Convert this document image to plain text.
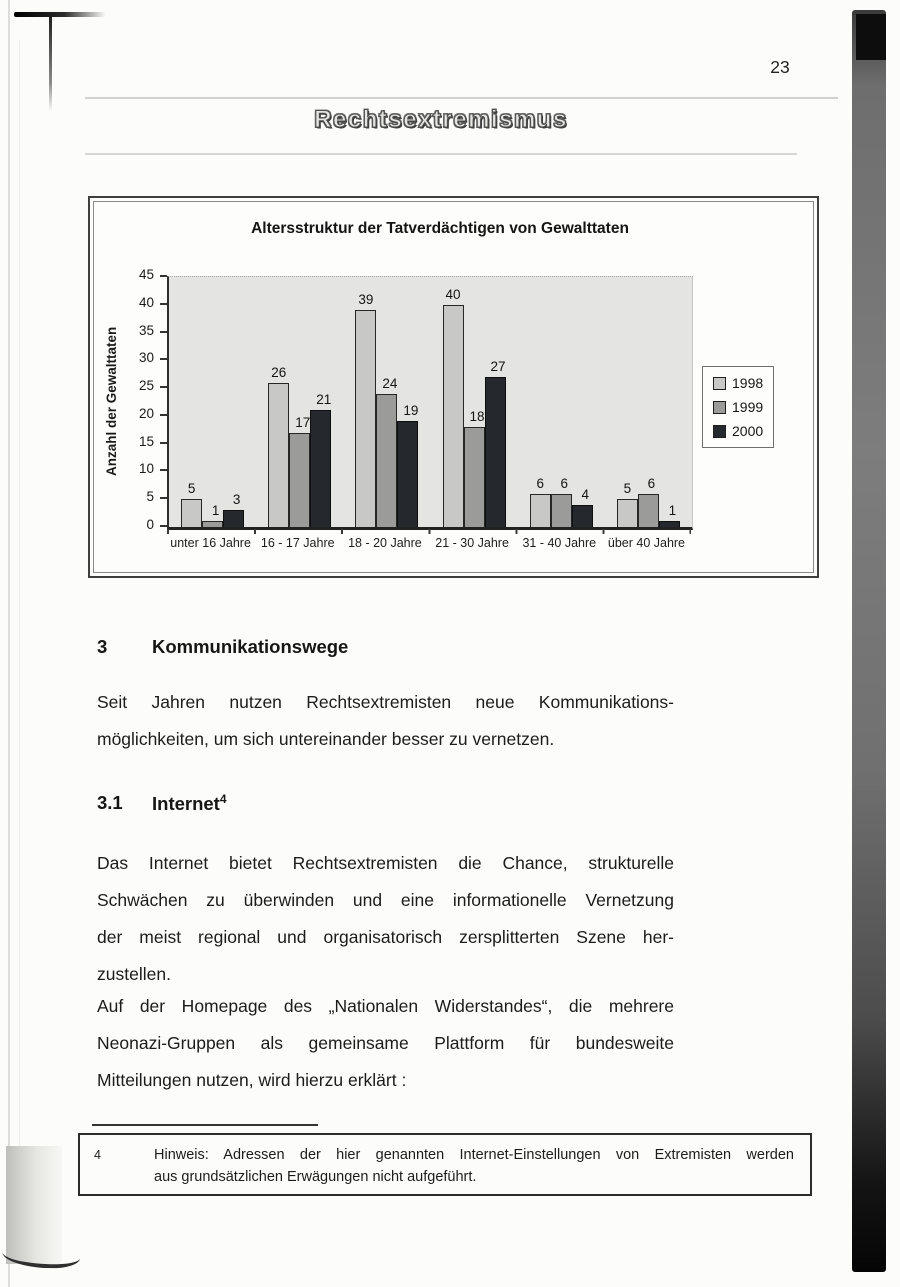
23
Rechtsextremismus
Altersstruktur der Tatverdächtigen von Gewalttaten
Anzahl der Gewalttaten
45
40
35
30
25
20
15
10
5
0
5
1
3
26
17
21
39
24
19
40
18
27
6	6
4	5	6
1
unter 16 Jahre 16 - 17 Jahre	18 - 20 Jahre	21 - 30 Jahre	31 - 40 Jahre über 40 Jahre
1998
1999
2000
3	Kommunikationswege
Seit Jahren nutzen Rechtsextremisten neue Kommunikations-
möglichkeiten, um sich untereinander besser zu vernetzen.
3.1	Internet$^4$
Das Internet bietet Rechtsextremisten die Chance, strukturelle
Schwächen zu überwinden und eine informationelle Vernetzung
der meist regional und organisatorisch zersplitterten Szene her-
zustellen.
Auf der Homepage des „Nationalen Widerstandes“, die mehrere
Neonazi-Gruppen als gemeinsame Plattform für bundesweite
Mitteilungen nutzen, wird hierzu erklärt :
4	Hinweis: Adressen der hier genannten Internet-Einstellungen von Extremisten werden
aus grundsätzlichen Erwägungen nicht aufgeführt.
